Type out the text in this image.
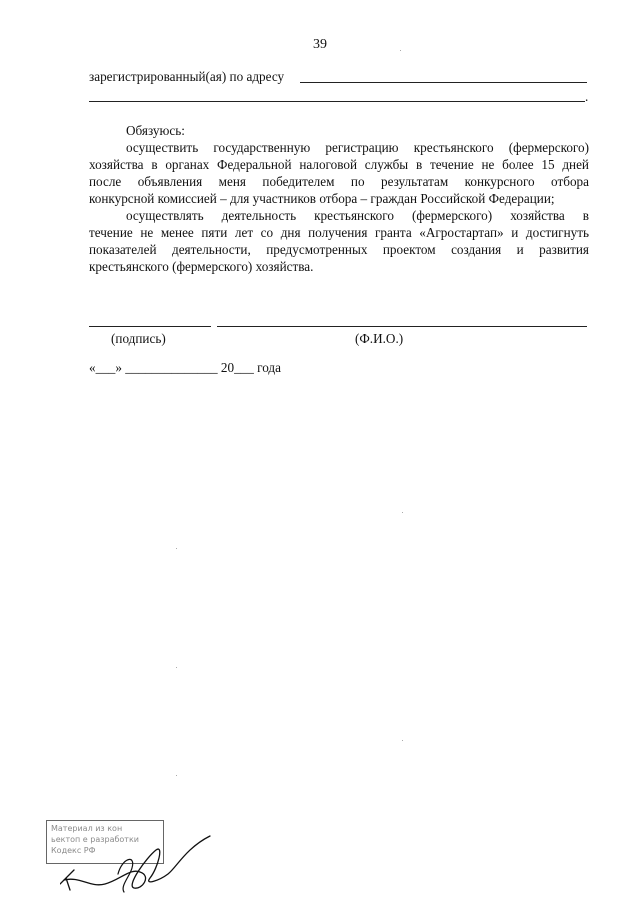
39
зарегистрированный(ая) по адресу
.
Обязуюсь:
осуществить государственную регистрацию крестьянского (фермерского)
хозяйства в органах Федеральной налоговой службы в течение не более 15 дней
после объявления меня победителем по результатам конкурсного отбора
конкурсной комиссией – для участников отбора – граждан Российской Федерации;
осуществлять деятельность крестьянского (фермерского) хозяйства в
течение не менее пяти лет со дня получения гранта «Агростартап» и достигнуть
показателей деятельности, предусмотренных проектом создания и развития
крестьянского (фермерского) хозяйства.
(подпись)	(Ф.И.О.)
«___» ______________ 20___ года
Материал из кон
ьектоп е разработки
Кодекс РФ
